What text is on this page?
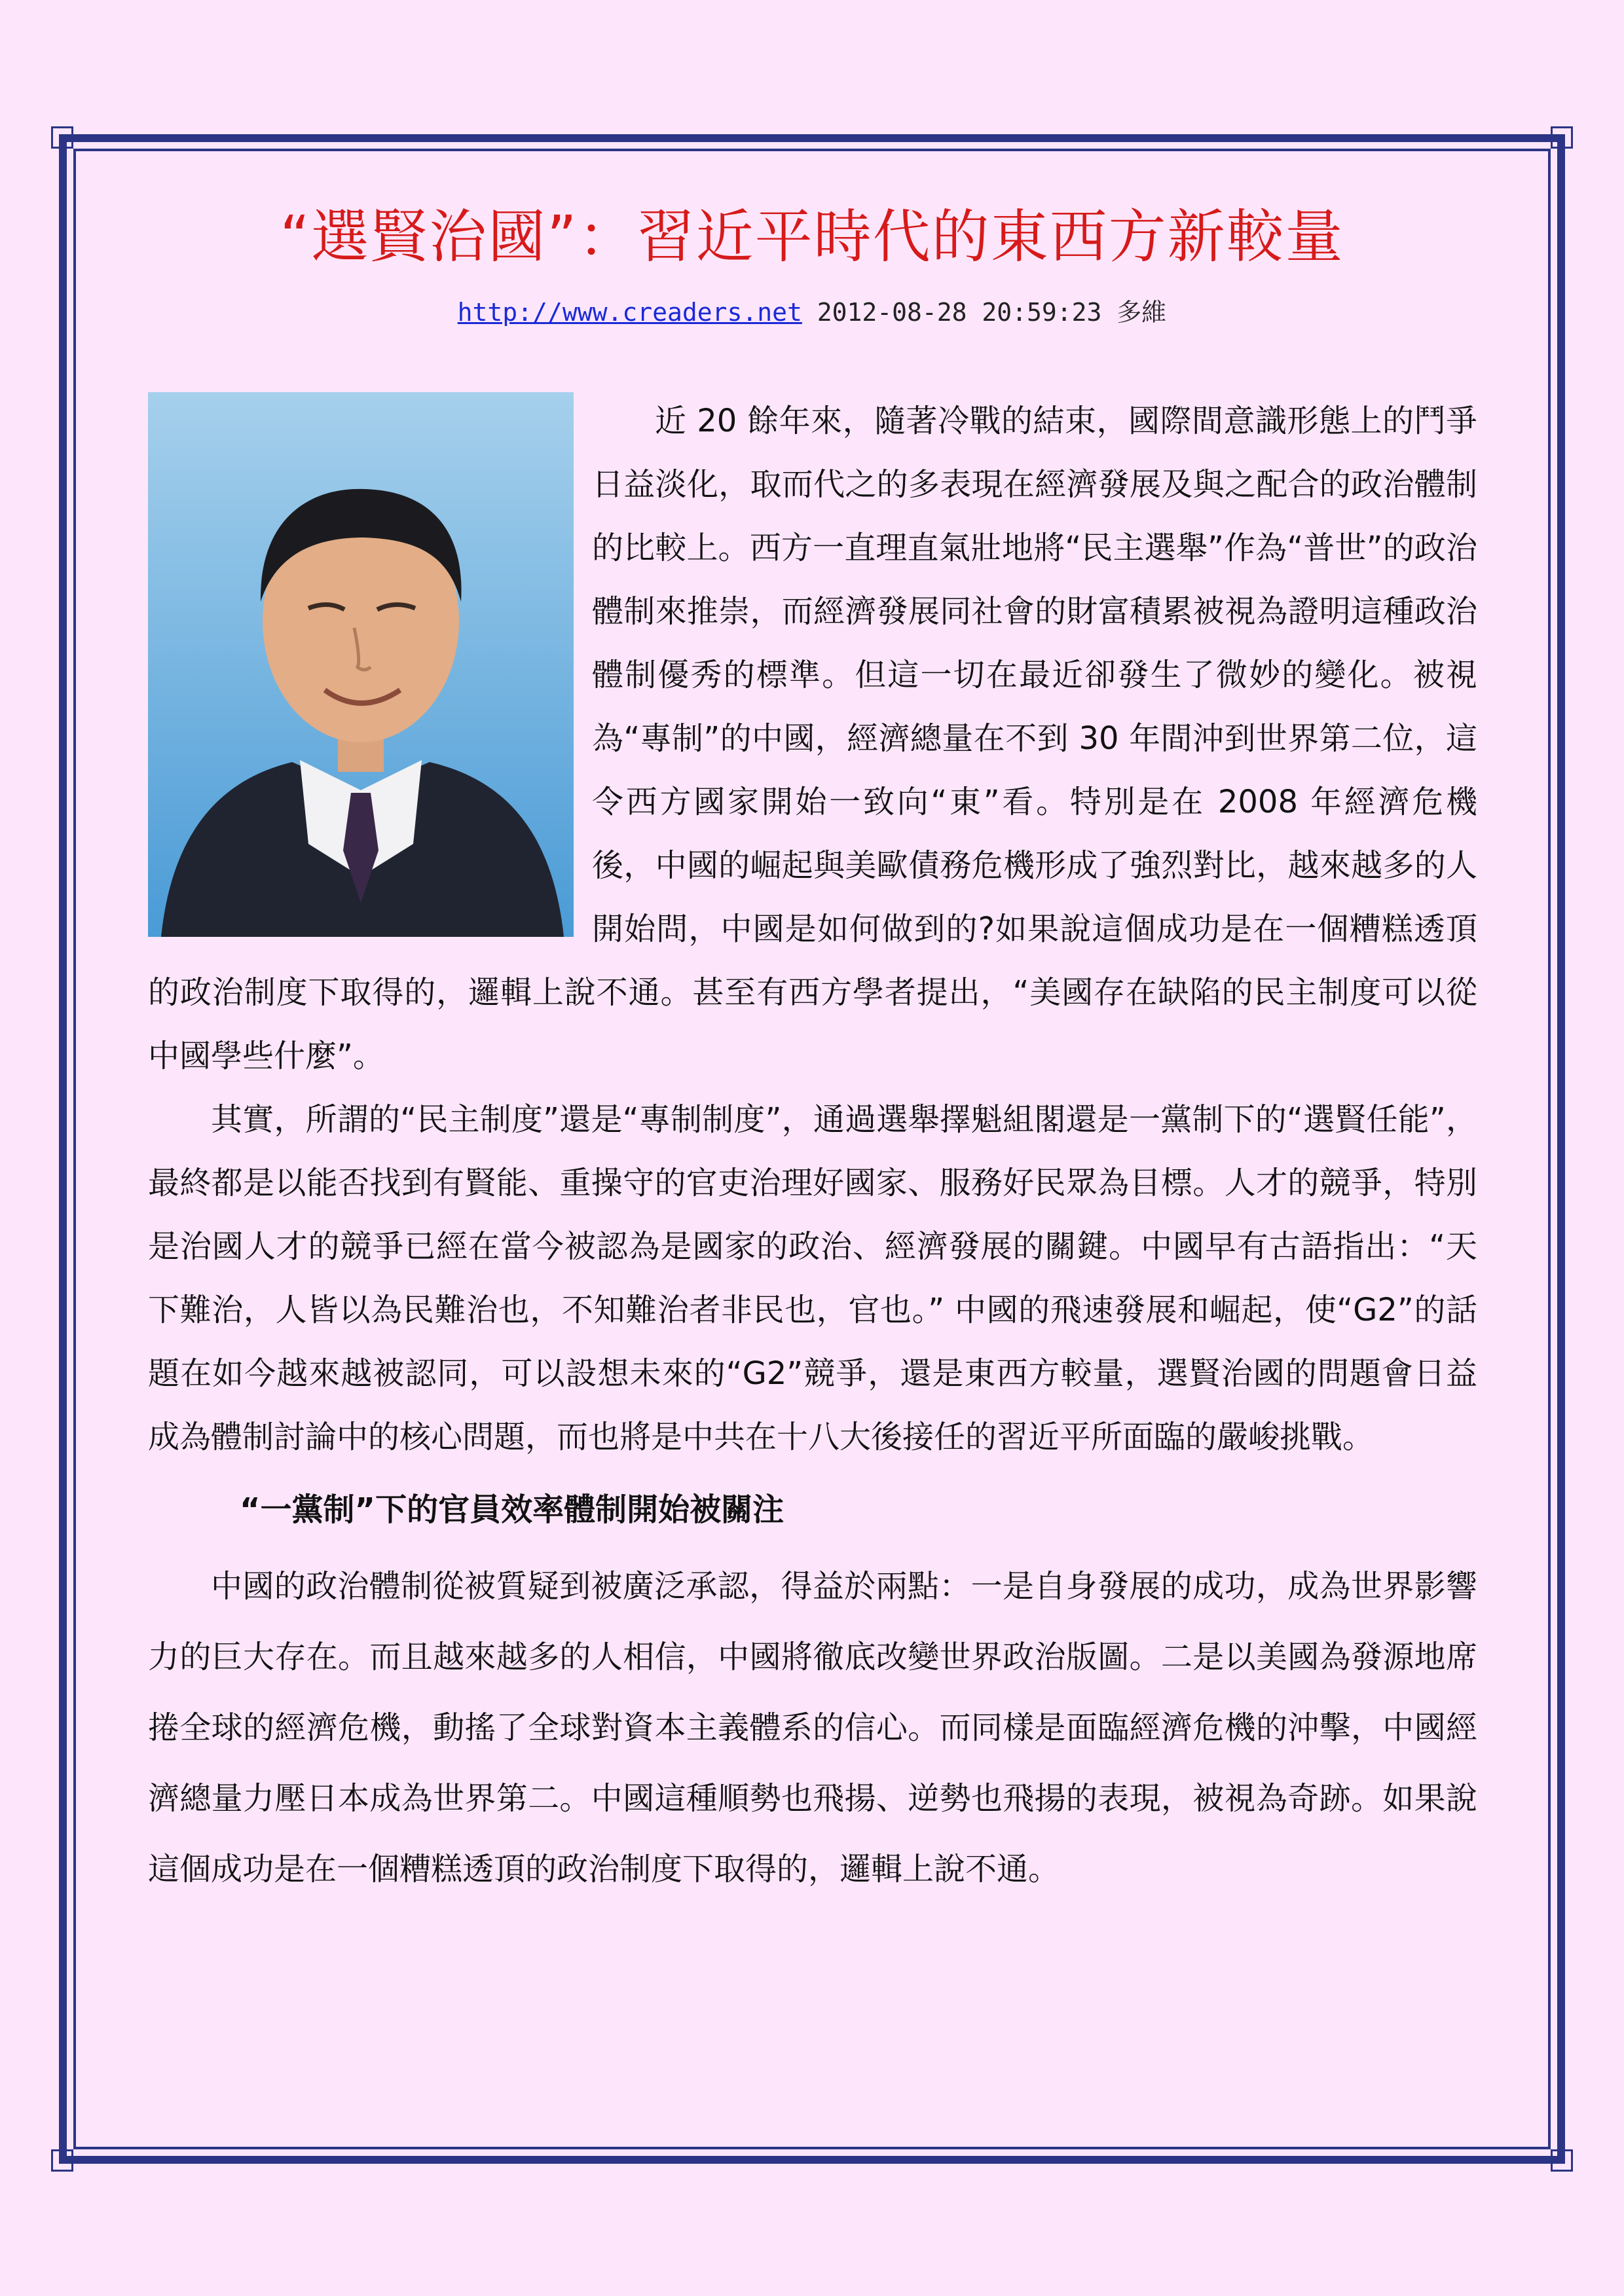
“選賢治國”：習近平時代的東西方新較量
http://www.creaders.net 2012-08-28 20:59:23 多維

近 20 餘年來，隨著冷戰的結束，國際間意識形態上的鬥爭日益淡化，取而代之的多表現在經濟發展及與之配合的政治體制的比較上。西方一直理直氣壯地將“民主選舉”作為“普世”的政治體制來推崇，而經濟發展同社會的財富積累被視為證明這種政治體制優秀的標準。但這一切在最近卻發生了微妙的變化。被視為“專制”的中國，經濟總量在不到 30 年間沖到世界第二位，這令西方國家開始一致向“東”看。特別是在 2008 年經濟危機後，中國的崛起與美歐債務危機形成了強烈對比，越來越多的人開始問，中國是如何做到的?如果說這個成功是在一個糟糕透頂的政治制度下取得的，邏輯上說不通。甚至有西方學者提出，“美國存在缺陷的民主制度可以從中國學些什麼”。

其實，所謂的“民主制度”還是“專制制度”，通過選舉擇魁組閣還是一黨制下的“選賢任能”，最終都是以能否找到有賢能、重操守的官吏治理好國家、服務好民眾為目標。人才的競爭，特別是治國人才的競爭已經在當今被認為是國家的政治、經濟發展的關鍵。中國早有古語指出：“天下難治，人皆以為民難治也，不知難治者非民也，官也。” 中國的飛速發展和崛起，使“G2”的話題在如今越來越被認同，可以設想未來的“G2”競爭，還是東西方較量，選賢治國的問題會日益成為體制討論中的核心問題，而也將是中共在十八大後接任的習近平所面臨的嚴峻挑戰。

“一黨制”下的官員效率體制開始被關注

中國的政治體制從被質疑到被廣泛承認，得益於兩點：一是自身發展的成功，成為世界影響力的巨大存在。而且越來越多的人相信，中國將徹底改變世界政治版圖。二是以美國為發源地席捲全球的經濟危機，動搖了全球對資本主義體系的信心。而同樣是面臨經濟危機的沖擊，中國經濟總量力壓日本成為世界第二。中國這種順勢也飛揚、逆勢也飛揚的表現，被視為奇跡。如果說這個成功是在一個糟糕透頂的政治制度下取得的，邏輯上說不通。
